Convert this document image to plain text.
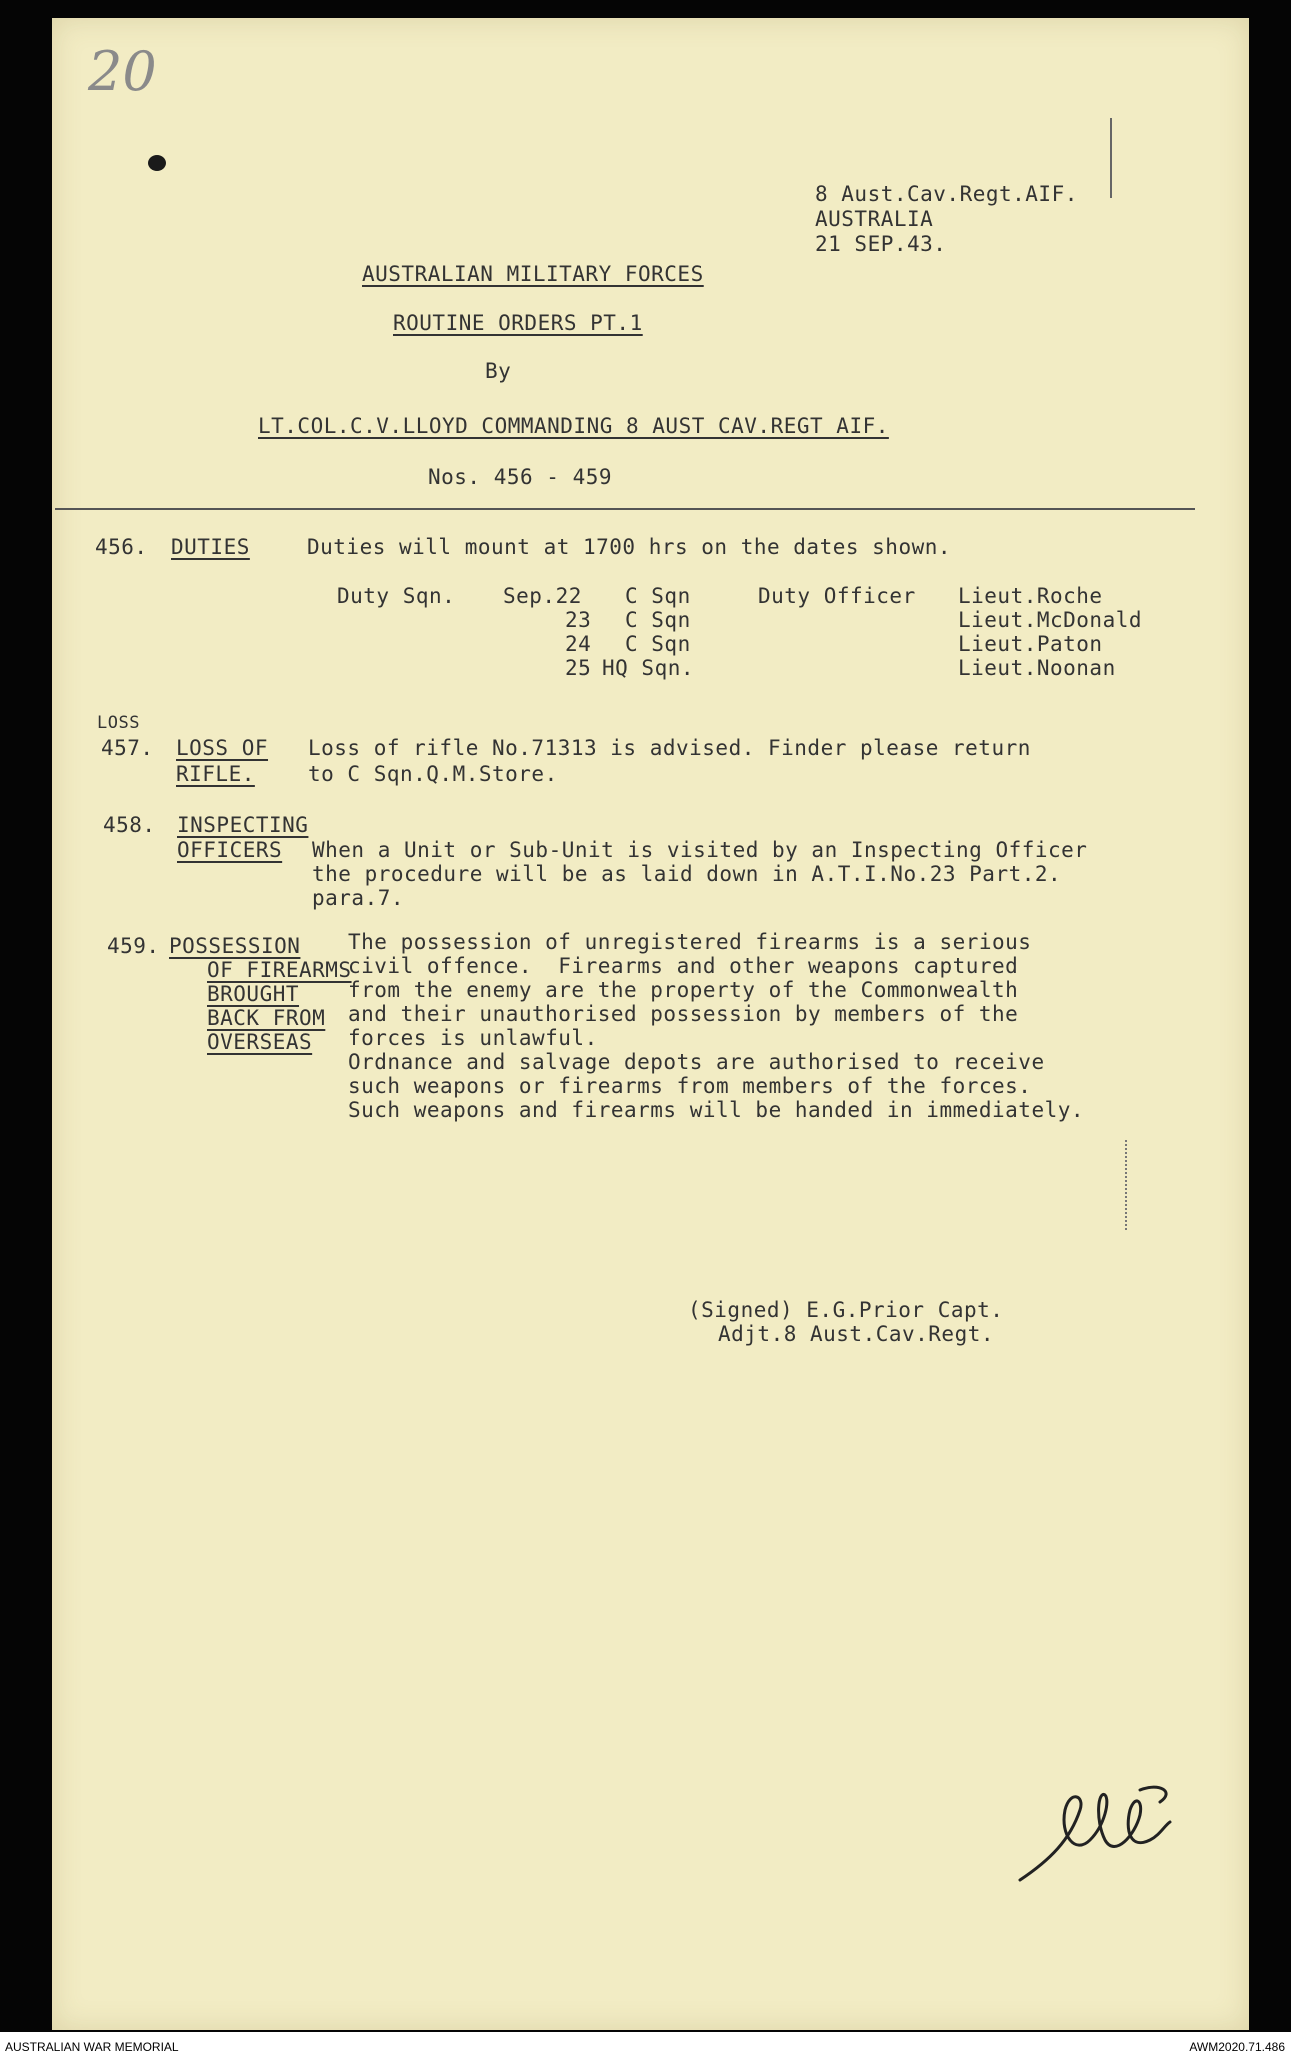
20
8 Aust.Cav.Regt.AIF.
AUSTRALIA
21 SEP.43.
AUSTRALIAN MILITARY FORCES
ROUTINE ORDERS PT.1
By
LT.COL.C.V.LLOYD COMMANDING 8 AUST CAV.REGT AIF.
Nos. 456 - 459
456. DUTIES	Duties will mount at 1700 hrs on the dates shown.
Duty Sqn.	Duty Officer
Sep.22 C Sqn	Lieut.Roche
23 C Sqn	Lieut.McDonald
24 C Sqn	Lieut.Paton
25 HQ Sqn.	Lieut.Noonan
LOSS
457. LOSS OF
RIFLE.
Loss of rifle No.71313 is advised. Finder please return
to C Sqn.Q.M.Store.
458. INSPECTING
OFFICERS When a Unit or Sub-Unit is visited by an Inspecting Officer
the procedure will be as laid down in A.T.I.No.23 Part.2.
para.7.
459. POSSESSION
OF FIREARMS
BROUGHT
BACK FROM
OVERSEAS
The possession of unregistered firearms is a serious
civil offence.  Firearms and other weapons captured
from the enemy are the property of the Commonwealth
and their unauthorised possession by members of the
forces is unlawful.
Ordnance and salvage depots are authorised to receive
such weapons or firearms from members of the forces.
Such weapons and firearms will be handed in immediately.
(Signed) E.G.Prior Capt.
Adjt.8 Aust.Cav.Regt.
AUSTRALIAN WAR MEMORIAL	AWM2020.71.486
